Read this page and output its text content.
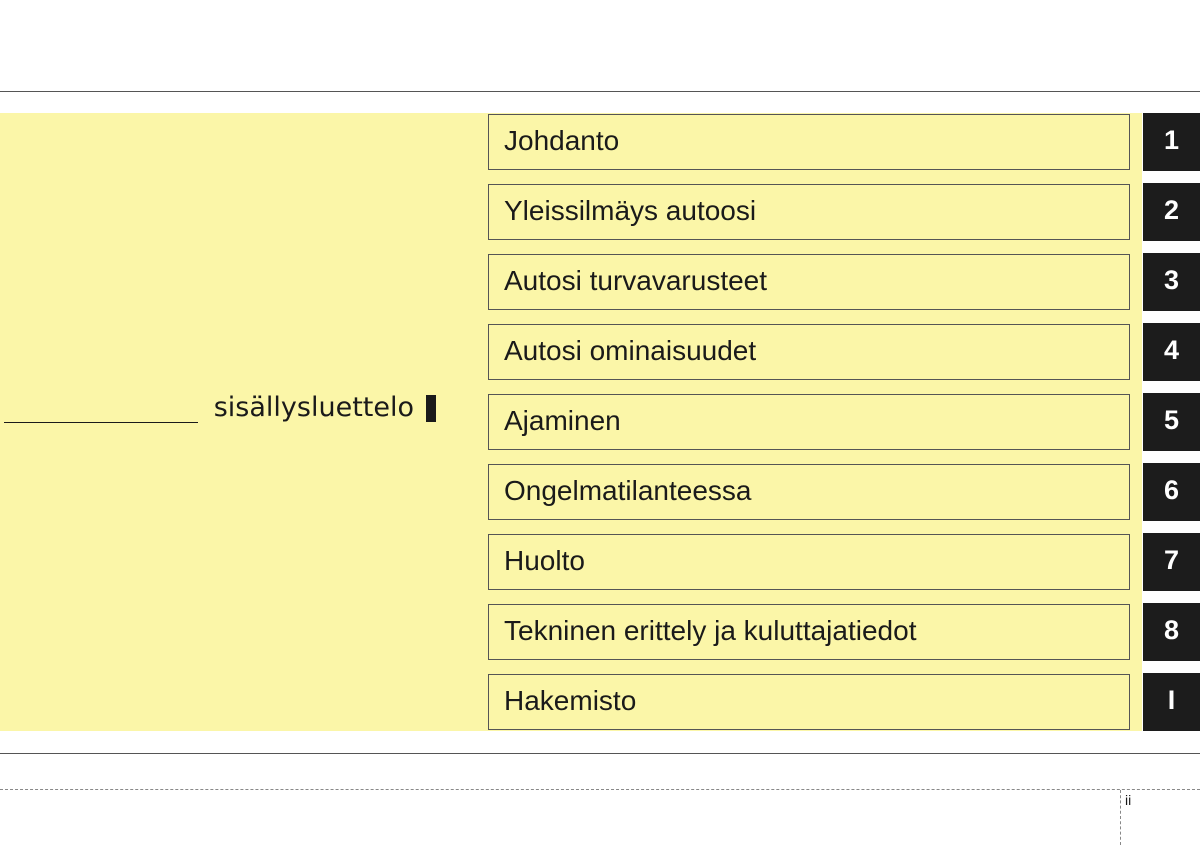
sisällysluettelo
Johdanto	1
Yleissilmäys autoosi	2
Autosi turvavarusteet	3
Autosi ominaisuudet	4
Ajaminen	5
Ongelmatilanteessa	6
Huolto	7
Tekninen erittely ja kuluttajatiedot	8
Hakemisto	I
ii
